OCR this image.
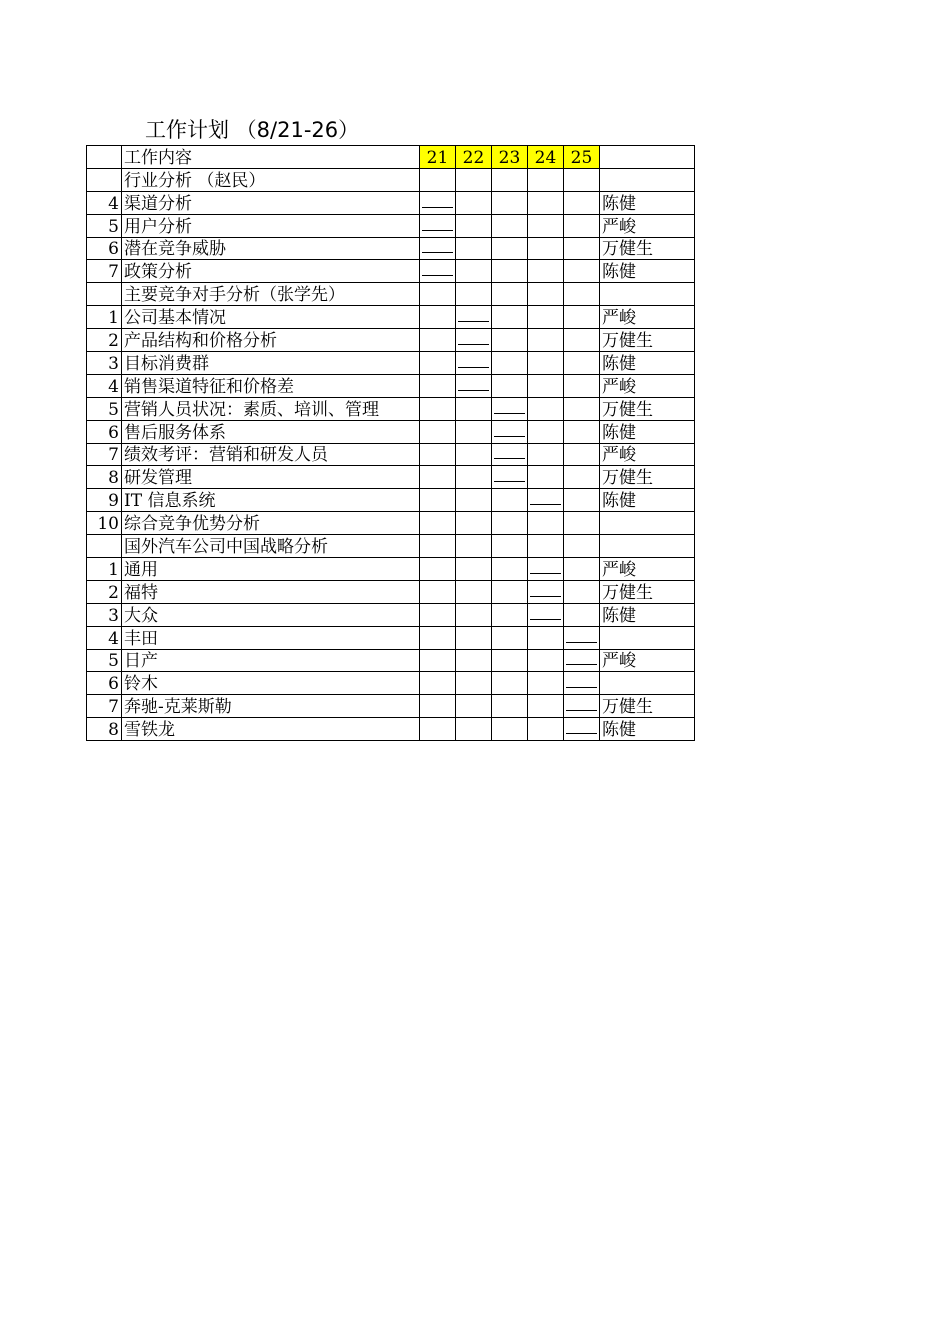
工作计划 （8/21-26）
	工作内容	21	22	23	24	25	
	行业分析 （赵民）						
4	渠道分析						陈健
5	用户分析						严峻
6	潜在竞争威胁						万健生
7	政策分析						陈健
	主要竞争对手分析（张学先）						
1	公司基本情况						严峻
2	产品结构和价格分析						万健生
3	目标消费群						陈健
4	销售渠道特征和价格差						严峻
5	营销人员状况：素质、培训、管理						万健生
6	售后服务体系						陈健
7	绩效考评：营销和研发人员						严峻
8	研发管理						万健生
9	IT 信息系统						陈健
10	综合竞争优势分析						
	国外汽车公司中国战略分析						
1	通用						严峻
2	福特						万健生
3	大众						陈健
4	丰田					

5	日产						严峻
6	铃木					

7	奔驰-克莱斯勒						万健生
8	雪铁龙						陈健
